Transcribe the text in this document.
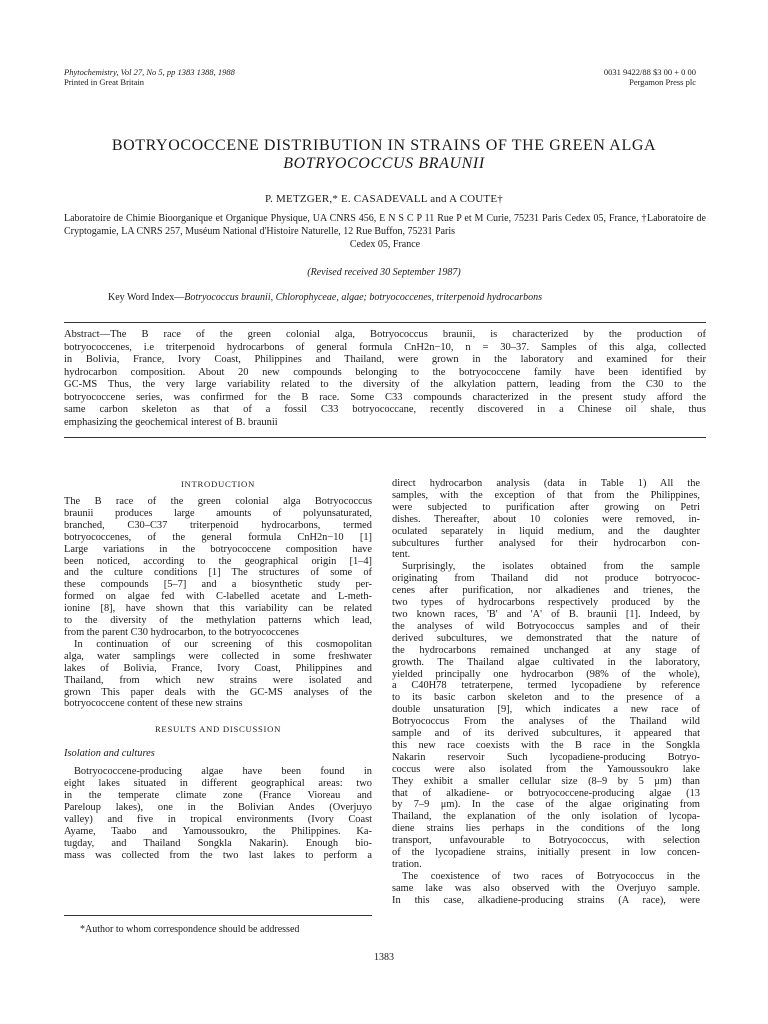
Phytochemistry, Vol 27, No 5, pp 1383 1388, 1988
Printed in Great Britain
0031 9422/88 $3 00 + 0 00
Pergamon Press plc
BOTRYOCOCCENE DISTRIBUTION IN STRAINS OF THE GREEN ALGA
BOTRYOCOCCUS BRAUNII
P. METZGER,* E. CASADEVALL and A COUTE†
Laboratoire de Chimie Bioorganique et Organique Physique, UA CNRS 456, E N S C P 11 Rue P et M Curie, 75231 Paris Cedex 05, France, †Laboratoire de Cryptogamie, LA CNRS 257, Muséum National d'Histoire Naturelle, 12 Rue Buffon, 75231 Paris
Cedex 05, France
(Revised received 30 September 1987)
Key Word Index—Botryococcus braunii, Chlorophyceae, algae; botryococcenes, triterpenoid hydrocarbons
Abstract—The B race of the green colonial alga, Botryococcus braunii, is characterized by the production of
botryococcenes, i.e triterpenoid hydrocarbons of general formula CnH2n−10, n = 30–37. Samples of this alga, collected
in Bolivia, France, Ivory Coast, Philippines and Thailand, were grown in the laboratory and examined for their
hydrocarbon composition. About 20 new compounds belonging to the botryococcene family have been identified by
GC-MS Thus, the very large variability related to the diversity of the alkylation pattern, leading from the C30 to the
botryococcene series, was confirmed for the B race. Some C33 compounds characterized in the present study afford the
same carbon skeleton as that of a fossil C33 botryococcane, recently discovered in a Chinese oil shale, thus
emphasizing the geochemical interest of B. braunii
INTRODUCTION
The B race of the green colonial alga Botryococcus
braunii produces large amounts of polyunsaturated,
branched, C30–C37 triterpenoid hydrocarbons, termed
botryococcenes, of the general formula CnH2n−10 [1]
Large variations in the botryococcene composition have
been noticed, according to the geographical origin [1–4]
and the culture conditions [1] The structures of some of
these compounds [5–7] and a biosynthetic study per-
formed on algae fed with C-labelled acetate and L-meth-
ionine [8], have shown that this variability can be related
to the diversity of the methylation patterns which lead,
from the parent C30 hydrocarbon, to the botryococcenes
In continuation of our screening of this cosmopolitan
alga, water samplings were collected in some freshwater
lakes of Bolivia, France, Ivory Coast, Philippines and
Thailand, from which new strains were isolated and
grown This paper deals with the GC-MS analyses of the
botryococcene content of these new strains
RESULTS AND DISCUSSION
Isolation and cultures
Botryococcene-producing algae have been found in
eight lakes situated in different geographical areas: two
in the temperate climate zone (France Vioreau and
Pareloup lakes), one in the Bolivian Andes (Overjuyo
valley) and five in tropical environments (Ivory Coast
Ayame, Taabo and Yamoussoukro, the Philippines. Ka-
tugday, and Thailand Songkla Nakarin). Enough bio-
mass was collected from the two last lakes to perform a
direct hydrocarbon analysis (data in Table 1) All the
samples, with the exception of that from the Philippines,
were subjected to purification after growing on Petri
dishes. Thereafter, about 10 colonies were removed, in-
oculated separately in liquid medium, and the daughter
subcultures further analysed for their hydrocarbon con-
tent.
Surprisingly, the isolates obtained from the sample
originating from Thailand did not produce botryococ-
cenes after purification, nor alkadienes and trienes, the
two types of hydrocarbons respectively produced by the
two known races, 'B' and 'A' of B. braunii [1]. Indeed, by
the analyses of wild Botryococcus samples and of their
derived subcultures, we demonstrated that the nature of
the hydrocarbons remained unchanged at any stage of
growth. The Thailand algae cultivated in the laboratory,
yielded principally one hydrocarbon (98% of the whole),
a C40H78 tetraterpene, termed lycopadiene by reference
to its basic carbon skeleton and to the presence of a
double unsaturation [9], which indicates a new race of
Botryococcus From the analyses of the Thailand wild
sample and of its derived subcultures, it appeared that
this new race coexists with the B race in the Songkla
Nakarin reservoir Such lycopadiene-producing Botryo-
coccus were also isolated from the Yamoussoukro lake
They exhibit a smaller cellular size (8–9 by 5 μm) than
that of alkadiene- or botryococcene-producing algae (13
by 7–9 μm). In the case of the algae originating from
Thailand, the explanation of the only isolation of lycopa-
diene strains lies perhaps in the conditions of the long
transport, unfavourable to Botryococcus, with selection
of the lycopadiene strains, initially present in low concen-
tration.
The coexistence of two races of Botryococcus in the
same lake was also observed with the Overjuyo sample.
In this case, alkadiene-producing strains (A race), were
*Author to whom correspondence should be addressed
1383
